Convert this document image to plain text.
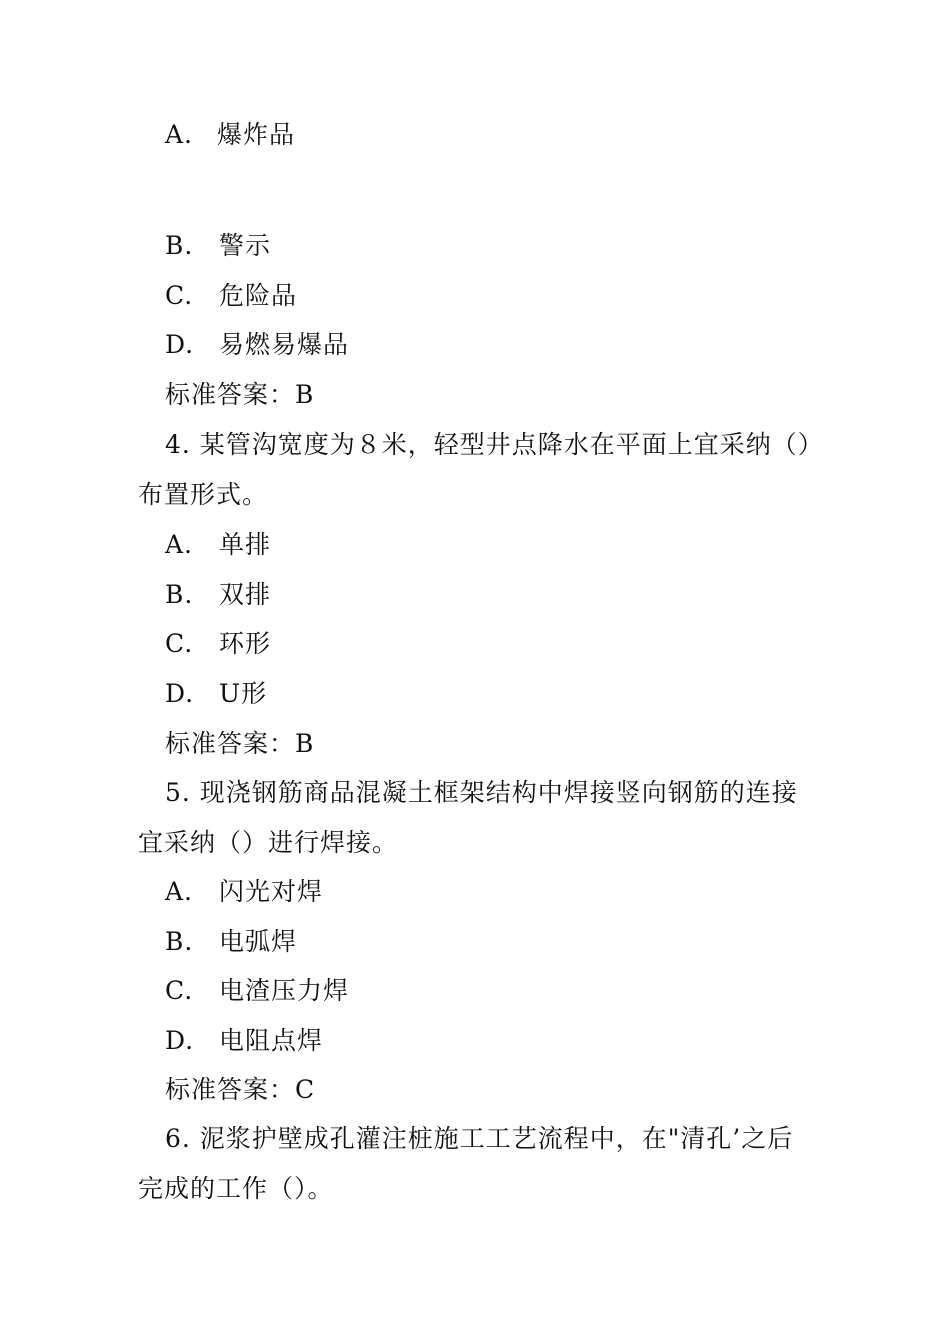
A. 爆炸品
B. 警示
C. 危险品
D. 易燃易爆品
标准答案：B
4. 某管沟宽度为８米，轻型井点降水在平面上宜采纳（）
布置形式。
A. 单排
B. 双排
C. 环形
D. U形
标准答案：B
5. 现浇钢筋商品混凝土框架结构中焊接竖向钢筋的连接
宜采纳（）进行焊接。
A. 闪光对焊
B. 电弧焊
C. 电渣压力焊
D. 电阻点焊
标准答案：C
6. 泥浆护壁成孔灌注桩施工工艺流程中，在"清孔’之后
完成的工作（）。
